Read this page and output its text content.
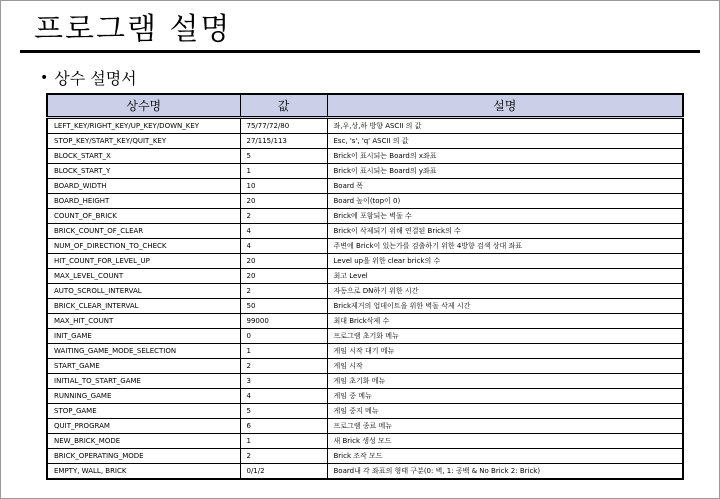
프로그램 설명
• 상수 설명서
상수명	값	설명
LEFT_KEY/RIGHT_KEY/UP_KEY/DOWN_KEY	75/77/72/80	좌,우,상,하 방향 ASCII 의 값
STOP_KEY/START_KEY/QUIT_KEY	27/115/113	Esc, 's', 'q' ASCII 의 값
BLOCK_START_X	5	Brick이 표시되는 Board의 x좌표
BLOCK_START_Y	1	Brick이 표시되는 Board의 y좌표
BOARD_WIDTH	10	Board 폭
BOARD_HEIGHT	20	Board 높이(top이 0)
COUNT_OF_BRICK	2	Brick에 포함되는 벽돌 수
BRICK_COUNT_OF_CLEAR	4	Brick이 삭제되기 위해 연결된 Brick의 수
NUM_OF_DIRECTION_TO_CHECK	4	주변에 Brick이 있는가를 검출하기 위한 4방향 검색 상대 좌표
HIT_COUNT_FOR_LEVEL_UP	20	Level up을 위한 clear brick의 수
MAX_LEVEL_COUNT	20	최고 Level
AUTO_SCROLL_INTERVAL	2	자동으로 DN하기 위한 시간
BRICK_CLEAR_INTERVAL	50	Brick제거의 업데이트을 위한 벽돌 삭제 시간
MAX_HIT_COUNT	99000	최대 Brick삭제 수
INIT_GAME	0	프로그램 초기화 메뉴
WAITING_GAME_MODE_SELECTION	1	게임 시작 대기 메뉴
START_GAME	2	게임 시작
INITIAL_TO_START_GAME	3	게임 초기화 메뉴
RUNNING_GAME	4	게임 중 메뉴
STOP_GAME	5	게임 중지 메뉴
QUIT_PROGRAM	6	프로그램 종료 메뉴
NEW_BRICK_MODE	1	새 Brick 생성 모드
BRICK_OPERATING_MODE	2	Brick 조작 모드
EMPTY, WALL, BRICK	0/1/2	Board내 각 좌표의 형태 구분(0: 벽, 1: 공백 & No Brick 2: Brick)
